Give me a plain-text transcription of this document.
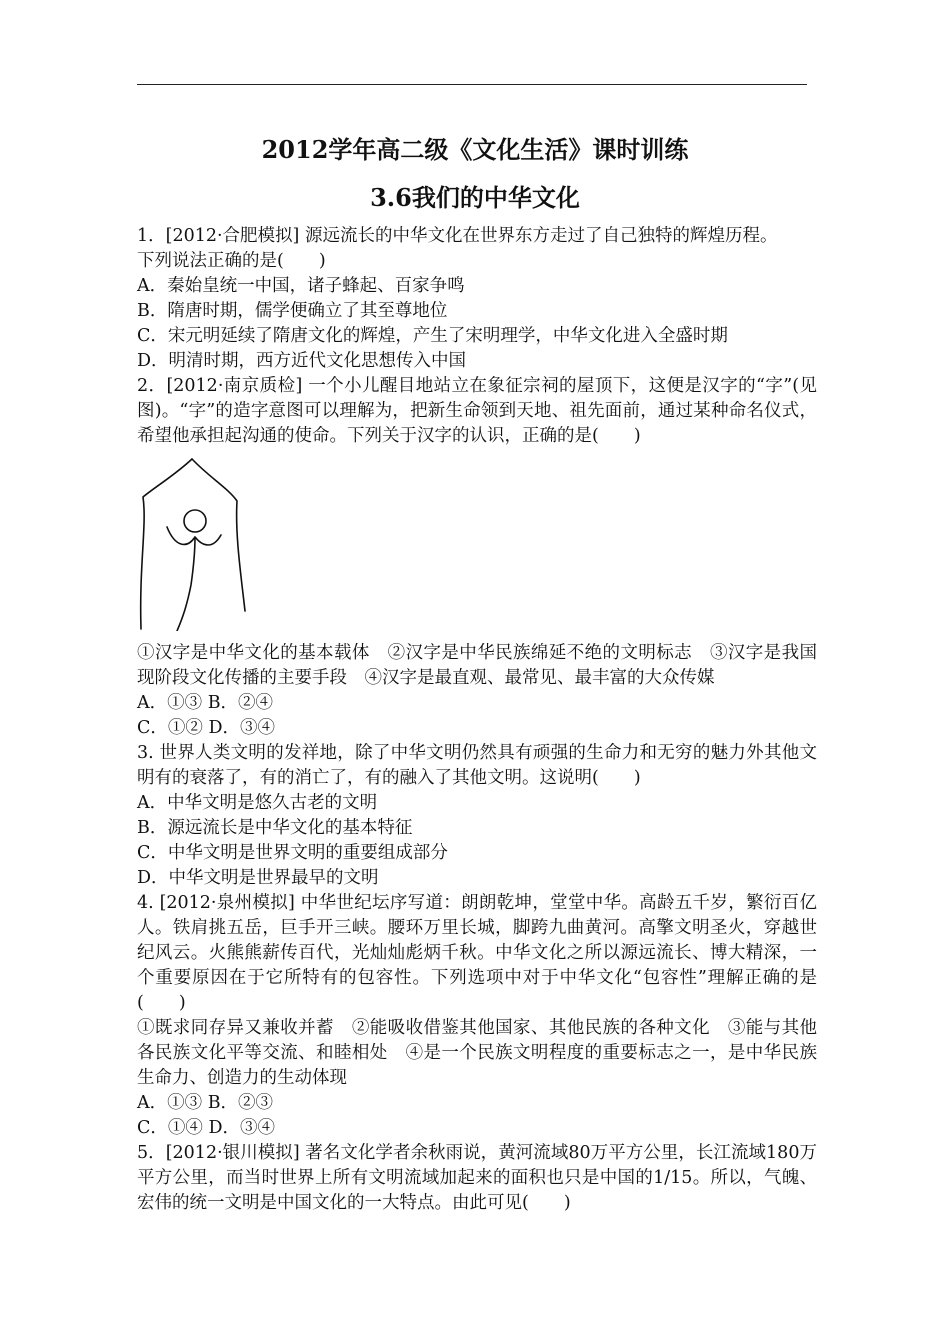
2012学年高二级《文化生活》课时训练
3.6我们的中华文化
1．[2012·合肥模拟] 源远流长的中华文化在世界东方走过了自己独特的辉煌历程。
下列说法正确的是(　　)
A．秦始皇统一中国，诸子蜂起、百家争鸣
B．隋唐时期，儒学便确立了其至尊地位
C．宋元明延续了隋唐文化的辉煌，产生了宋明理学，中华文化进入全盛时期
D．明清时期，西方近代文化思想传入中国
2．[2012·南京质检] 一个小儿醒目地站立在象征宗祠的屋顶下，这便是汉字的“字”(见图)。“字”的造字意图可以理解为，把新生命领到天地、祖先面前，通过某种命名仪式，希望他承担起沟通的使命。下列关于汉字的认识，正确的是(　　)
①汉字是中华文化的基本载体　②汉字是中华民族绵延不绝的文明标志　③汉字是我国现阶段文化传播的主要手段　④汉字是最直观、最常见、最丰富的大众传媒
A．①③ B．②④
C．①② D．③④
3. 世界人类文明的发祥地，除了中华文明仍然具有顽强的生命力和无穷的魅力外其他文明有的衰落了，有的消亡了，有的融入了其他文明。这说明(　　)
A．中华文明是悠久古老的文明
B．源远流长是中华文化的基本特征
C．中华文明是世界文明的重要组成部分
D．中华文明是世界最早的文明
4. [2012·泉州模拟] 中华世纪坛序写道：朗朗乾坤，堂堂中华。高龄五千岁，繁衍百亿人。铁肩挑五岳，巨手开三峡。腰环万里长城，脚跨九曲黄河。高擎文明圣火，穿越世纪风云。火熊熊薪传百代，光灿灿彪炳千秋。中华文化之所以源远流长、博大精深，一个重要原因在于它所特有的包容性。下列选项中对于中华文化“包容性”理解正确的是(　　)
①既求同存异又兼收并蓄　②能吸收借鉴其他国家、其他民族的各种文化　③能与其他各民族文化平等交流、和睦相处　④是一个民族文明程度的重要标志之一，是中华民族生命力、创造力的生动体现
A．①③ B．②③
C．①④ D．③④
5．[2012·银川模拟] 著名文化学者余秋雨说，黄河流域80万平方公里，长江流域180万平方公里，而当时世界上所有文明流域加起来的面积也只是中国的1/15。所以，气魄、宏伟的统一文明是中国文化的一大特点。由此可见(　　)
